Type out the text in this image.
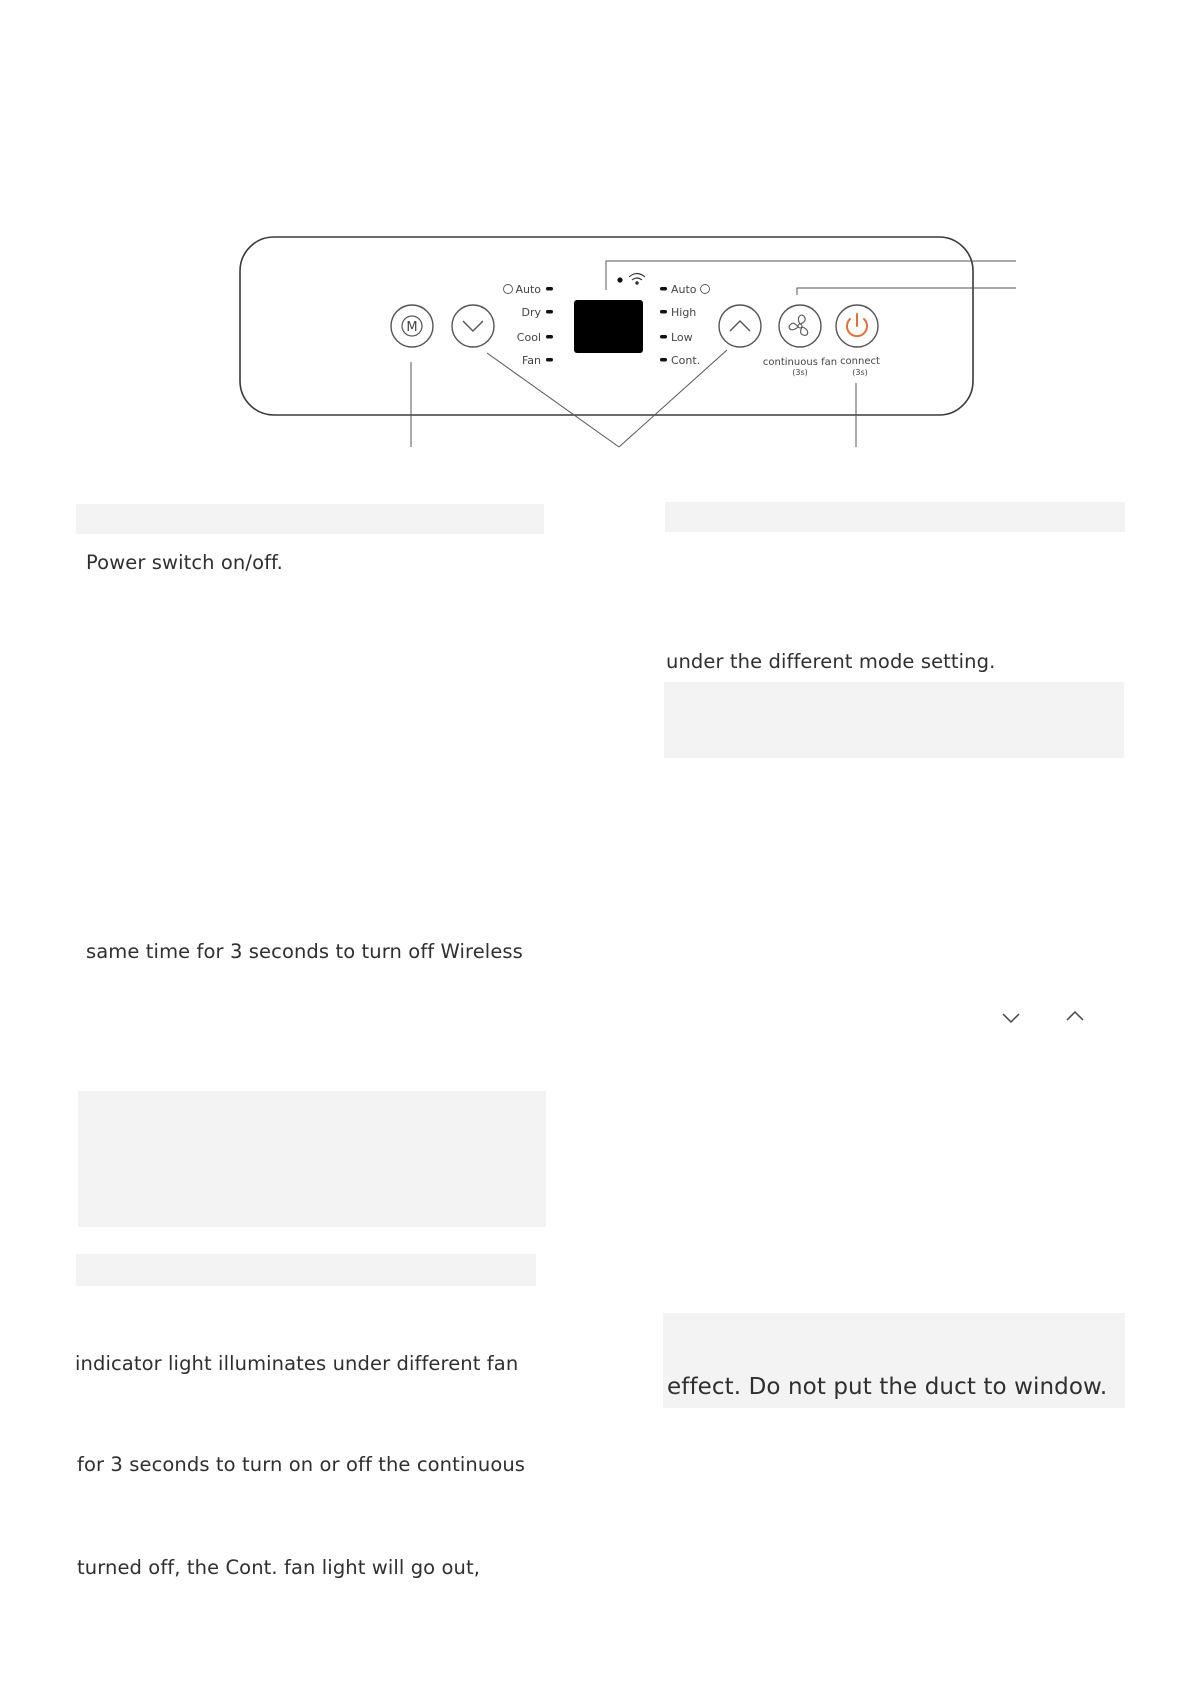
M
Auto
Dry
Cool
Fan
Auto
High
Low
Cont.	continuous fan
(3s)
connect
(3s)
Power switch on/off.
same time for 3 seconds to turn off Wireless
indicator light illuminates under different fan
for 3 seconds to turn on or off the continuous
turned off, the Cont. fan light will go out,
under the different mode setting.
effect. Do not put the duct to window.
